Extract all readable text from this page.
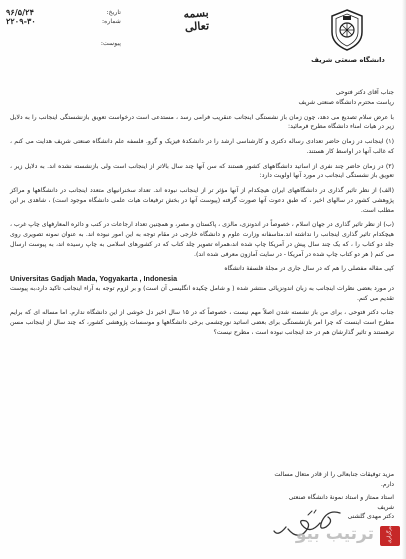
تاریخ:
۹۶/۵/۲۴
شماره:
۲۲۰۹-۳۰
پیوست:
بسمه تعالی
دانشگاه صنعتی شریف

جناب آقای دکتر فتوحی

ریاست محترم دانشگاه صنعتی شریف

با عرض سلام تصدیع می دهد، چون زمان باز نشستگی اینجانب عنقریب فرامی رسد ، مستدعی است درخواست تعویق بازنشستگی اینجانب را به دلایل زیر در هیات امناء دانشگاه مطرح فرمائید:

(۱) اینجانب در زمان حاضر تعدادی رساله دکتری و کارشناسی ارشد را در دانشکدۀ فیزیک و گرو. فلسفه علم دانشگاه صنعتی شریف هدایت می کنم ، که غالب آنها در اواسط کار هستند.

(۲) در زمان حاضر چند نفری از اساتید دانشگاههای کشور هستند که سن آنها چند سال بالاتر از اینجانب است ولی بازنشسته نشده اند. به دلایل زیر ، تعویق باز نشستگی اینجانب در مورد آنها اولویت دارد:

(الف) از نظر تاثیر گذاری در دانشگاههای ایران هیچکدام از آنها مؤثر تر از اینجانب نبوده اند. تعداد سخنرانیهای متعدد اینجانب در دانشگاهها و مراکز پژوهشی کشور در سالهای اخیر ، که طبق دعوت آنها صورت گرفته (پیوست آنها در بخش ترفیعات هیات علمی دانشگاه موجود است) ، شاهدی بر این مطلب است.

(ب) از نظر تاثیر گذاری در جهان اسلام ، خصوصاً در اندونزی، مالزی ، پاکستان و مصر، و همچنین تعداد ارجاعات در کتب و دائره المعارفهای چاپ غرب ، هیچکدام تاثیر گذاری اینجانب را نداشته اند.متاسفانه وزارت علوم و دانشگاه خارجی در مقام توجه به این امور نبوده اند. به عنوان نمونه تصویری روی جلد دو کتاب را ، که یک چند سال پیش در آمریکا چاپ شده اند،همراه تصویر چلد کتاب که در کشورهای اسلامی به چاپ رسیده اند، به پیوست ارسال می کنم ( هر دو کتاب چاپ شده در آمریکا - در سایت آمازون معرفی شده اند).

کپی مقاله مفصلی را هم که در سال جاری در مجلۀ فلسفۀ دانشگاه

Universitas Gadjah Mada, Yogyakarta , Indonesia

در مورد بعضی نظرات اینجانب به زبان اندونزیائی منتشر شده ( و شامل چکیده انگلیسی آن است) و بر لزوم توجه به آراء اینجانب تاکید دارد،به پیوست تقدیم می کنم.

جناب دکتر فتوحی ، برای من باز نشسته شدن اصلاً مهم نیست ، خصوصاً که در ۱۵ سال اخیر دل خوشی از این دانشگاه ندارم. اما مساله ای که برایم مطرح است اینست که چرا امر بازنشستگی برای بعضی اساتید نورچشمی برخی دانشگاهها و موسسات پژوهشی کشور، که چند سال از اینجانب مسن ترهستند و تاثیر گذارشان هم در حد اینجانب نبوده است ، مطرح نیست؟

مزید توفیقات جنابعالی را از قادر متعال مسالت دارم.

استاد ممتاز و استاد نمونۀ دانشگاه صنعتی شریف

دکتر مهدی گلشنی

ترتیب بیو	خبرگزاری
